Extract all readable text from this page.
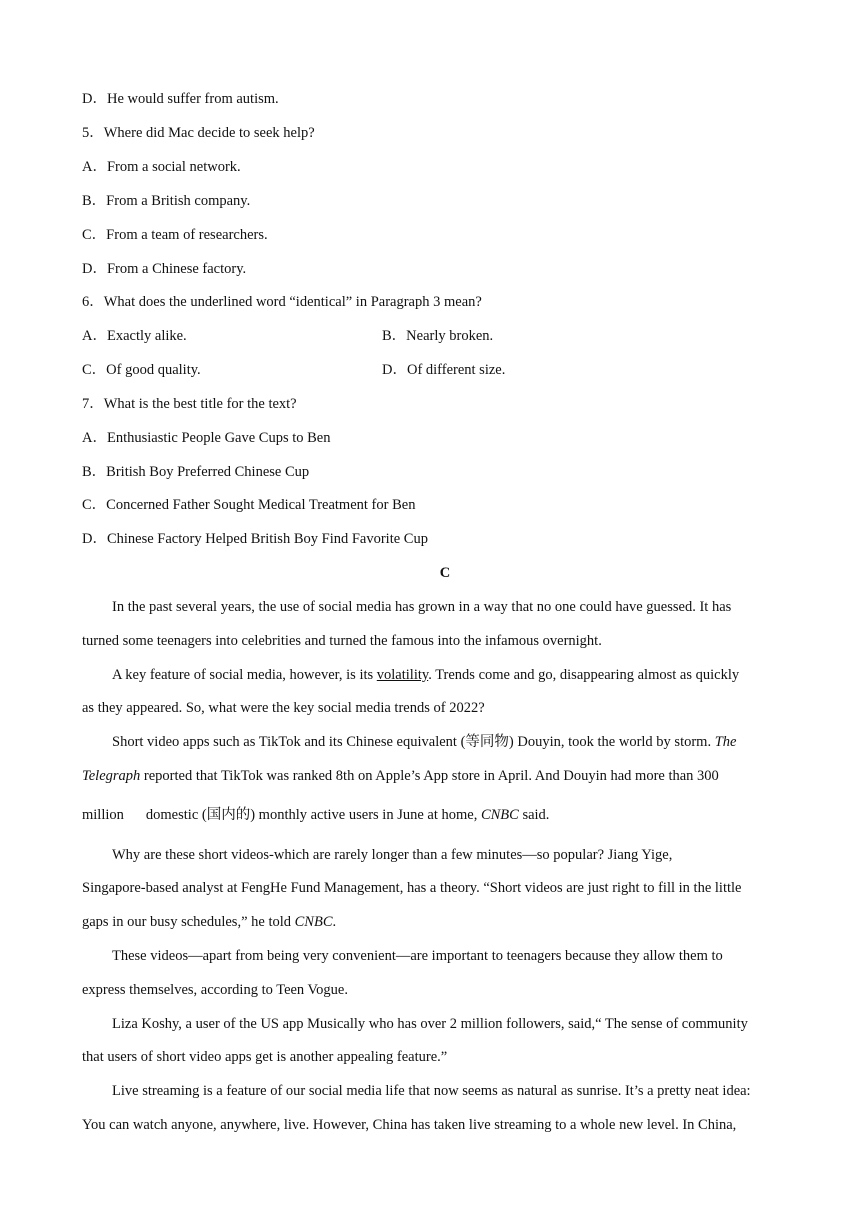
D．He would suffer from autism.
5．Where did Mac decide to seek help?
A．From a social network.
B．From a British company.
C．From a team of researchers.
D．From a Chinese factory.
6．What does the underlined word “identical” in Paragraph 3 mean?
A．Exactly alike.	B．Nearly broken.
C．Of good quality.	D．Of different size.
7．What is the best title for the text?
A．Enthusiastic People Gave Cups to Ben
B．British Boy Preferred Chinese Cup
C．Concerned Father Sought Medical Treatment for Ben
D．Chinese Factory Helped British Boy Find Favorite Cup
C
In the past several years, the use of social media has grown in a way that no one could have guessed. It has
turned some teenagers into celebrities and turned the famous into the infamous overnight.
A key feature of social media, however, is its volatility. Trends come and go, disappearing almost as quickly
as they appeared. So, what were the key social media trends of 2022?
Short video apps such as TikTok and its Chinese equivalent (等同物) Douyin, took the world by storm. The
Telegraph reported that TikTok was ranked 8th on Apple’s App store in April. And Douyin had more than 300
million domestic (国内的) monthly active users in June at home, CNBC said.
Why are these short videos-which are rarely longer than a few minutes—so popular? Jiang Yige,
Singapore-based analyst at FengHe Fund Management, has a theory. “Short videos are just right to fill in the little
gaps in our busy schedules,” he told CNBC.
These videos—apart from being very convenient—are important to teenagers because they allow them to
express themselves, according to Teen Vogue.
Liza Koshy, a user of the US app Musically who has over 2 million followers, said,“ The sense of community
that users of short video apps get is another appealing feature.”
Live streaming is a feature of our social media life that now seems as natural as sunrise. It’s a pretty neat idea:
You can watch anyone, anywhere, live. However, China has taken live streaming to a whole new level. In China,
